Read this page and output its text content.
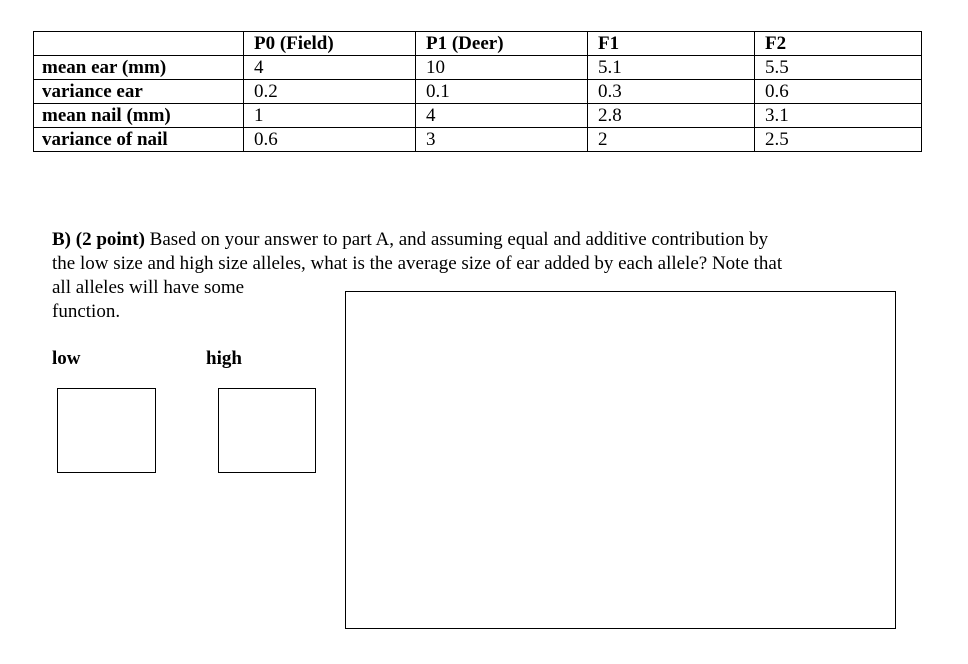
	P0 (Field)	P1 (Deer)	F1	F2
mean ear (mm)	4	10	5.1	5.5
variance ear	0.2	0.1	0.3	0.6
mean nail (mm)	1	4	2.8	3.1
variance of nail	0.6	3	2	2.5
B) (2 point) Based on your answer to part A, and assuming equal and additive contribution by
the low size and high size alleles, what is the average size of ear added by each allele? Note that
all alleles will have some
function.
low	high
